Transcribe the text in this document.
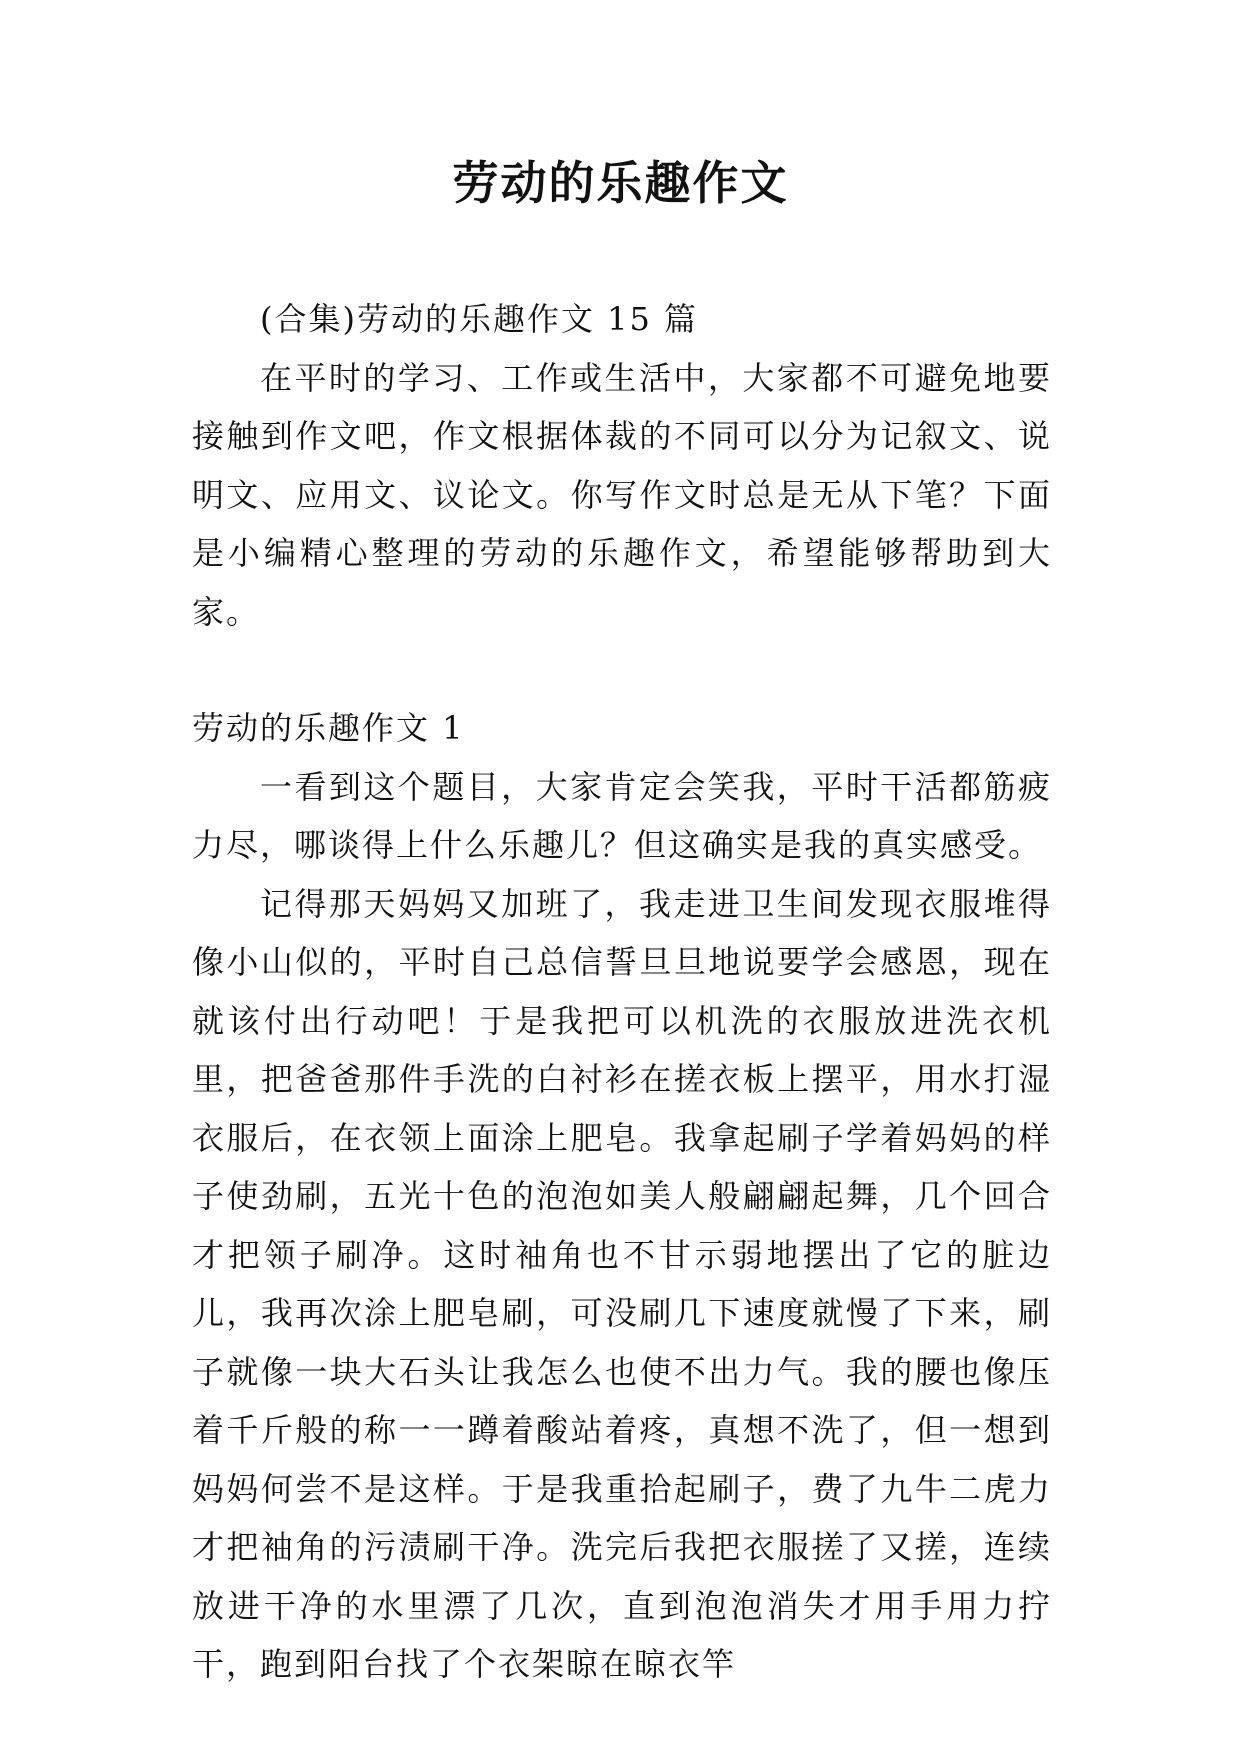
劳动的乐趣作文

(合集)劳动的乐趣作文 15 篇

在平时的学习、工作或生活中，大家都不可避免地要接触到作文吧，作文根据体裁的不同可以分为记叙文、说明文、应用文、议论文。你写作文时总是无从下笔？下面是小编精心整理的劳动的乐趣作文，希望能够帮助到大家。

劳动的乐趣作文 1

一看到这个题目，大家肯定会笑我，平时干活都筋疲力尽，哪谈得上什么乐趣儿？但这确实是我的真实感受。

记得那天妈妈又加班了，我走进卫生间发现衣服堆得像小山似的，平时自己总信誓旦旦地说要学会感恩，现在就该付出行动吧！于是我把可以机洗的衣服放进洗衣机里，把爸爸那件手洗的白衬衫在搓衣板上摆平，用水打湿衣服后，在衣领上面涂上肥皂。我拿起刷子学着妈妈的样子使劲刷，五光十色的泡泡如美人般翩翩起舞，几个回合才把领子刷净。这时袖角也不甘示弱地摆出了它的脏边儿，我再次涂上肥皂刷，可没刷几下速度就慢了下来，刷子就像一块大石头让我怎么也使不出力气。我的腰也像压着千斤般的称一一蹲着酸站着疼，真想不洗了，但一想到妈妈何尝不是这样。于是我重拾起刷子，费了九牛二虎力才把袖角的污渍刷干净。洗完后我把衣服搓了又搓，连续放进干净的水里漂了几次，直到泡泡消失才用手用力拧干，跑到阳台找了个衣架晾在晾衣竿
